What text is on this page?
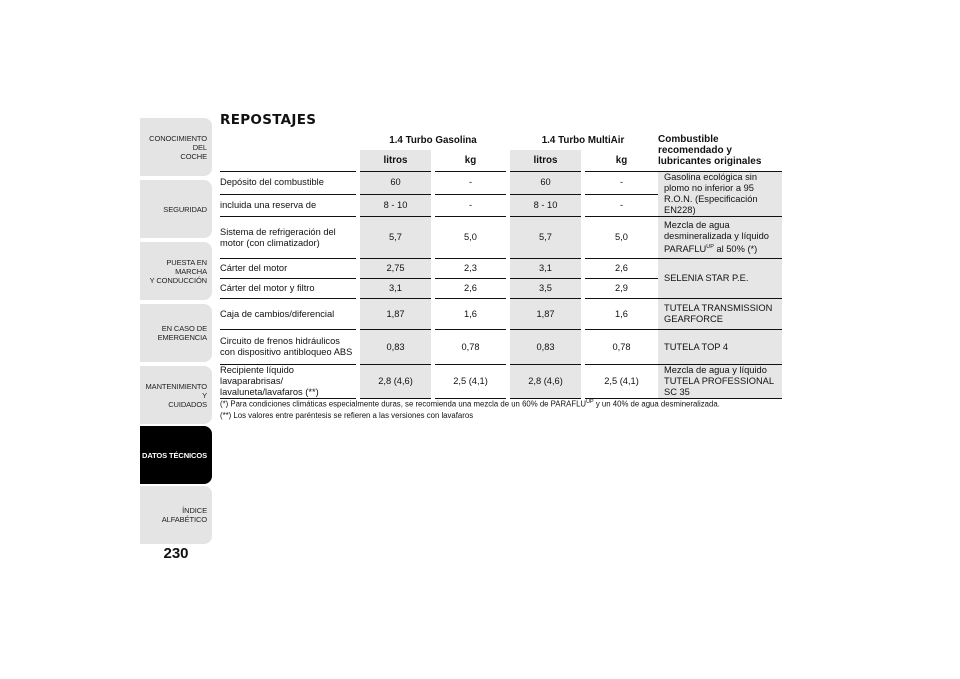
CONOCIMIENTO DEL
COCHE
SEGURIDAD
PUESTA EN MARCHA
Y CONDUCCIÓN
EN CASO DE
EMERGENCIA
MANTENIMIENTO Y
CUIDADOS
DATOS TÉCNICOS
ÍNDICE ALFABÉTICO
230
REPOSTAJES
	1.4 Turbo Gasolina		1.4 Turbo MultiAir		Combustible recomendado y lubricantes originales
	litros	kg	litros	kg	
Depósito del combustible	60	-	60	-	Gasolina ecológica sin plomo no inferior a 95 R.O.N. (Especificación EN228)
incluida una reserva de	8 - 10	-	8 - 10	-	
Sistema de refrigeración del motor (con climatizador)	5,7	5,0	5,7	5,0	Mezcla de agua desmineralizada y líquido $PARAFLU^{UP}$ al 50% (*)
Cárter del motor	2,75	2,3	3,1	2,6	SELENIA STAR P.E.
Cárter del motor y filtro	3,1	2,6	3,5	2,9	
Caja de cambios/diferencial	1,87	1,6	1,87	1,6	TUTELA TRANSMISSION GEARFORCE
Circuito de frenos hidráulicos con dispositivo antibloqueo ABS	0,83	0,78	0,83	0,78	TUTELA TOP 4
Recipiente líquido lavaparabrisas/ lavaluneta/lavafaros (**)	2,8 (4,6)	2,5 (4,1)	2,8 (4,6)	2,5 (4,1)	Mezcla de agua y líquido TUTELA PROFESSIONAL SC 35
(*) Para condiciones climáticas especialmente duras, se recomienda una mezcla de un 60% de $PARAFLU^{UP}$ y un 40% de agua desmineralizada.
(**) Los valores entre paréntesis se refieren a las versiones con lavafaros
